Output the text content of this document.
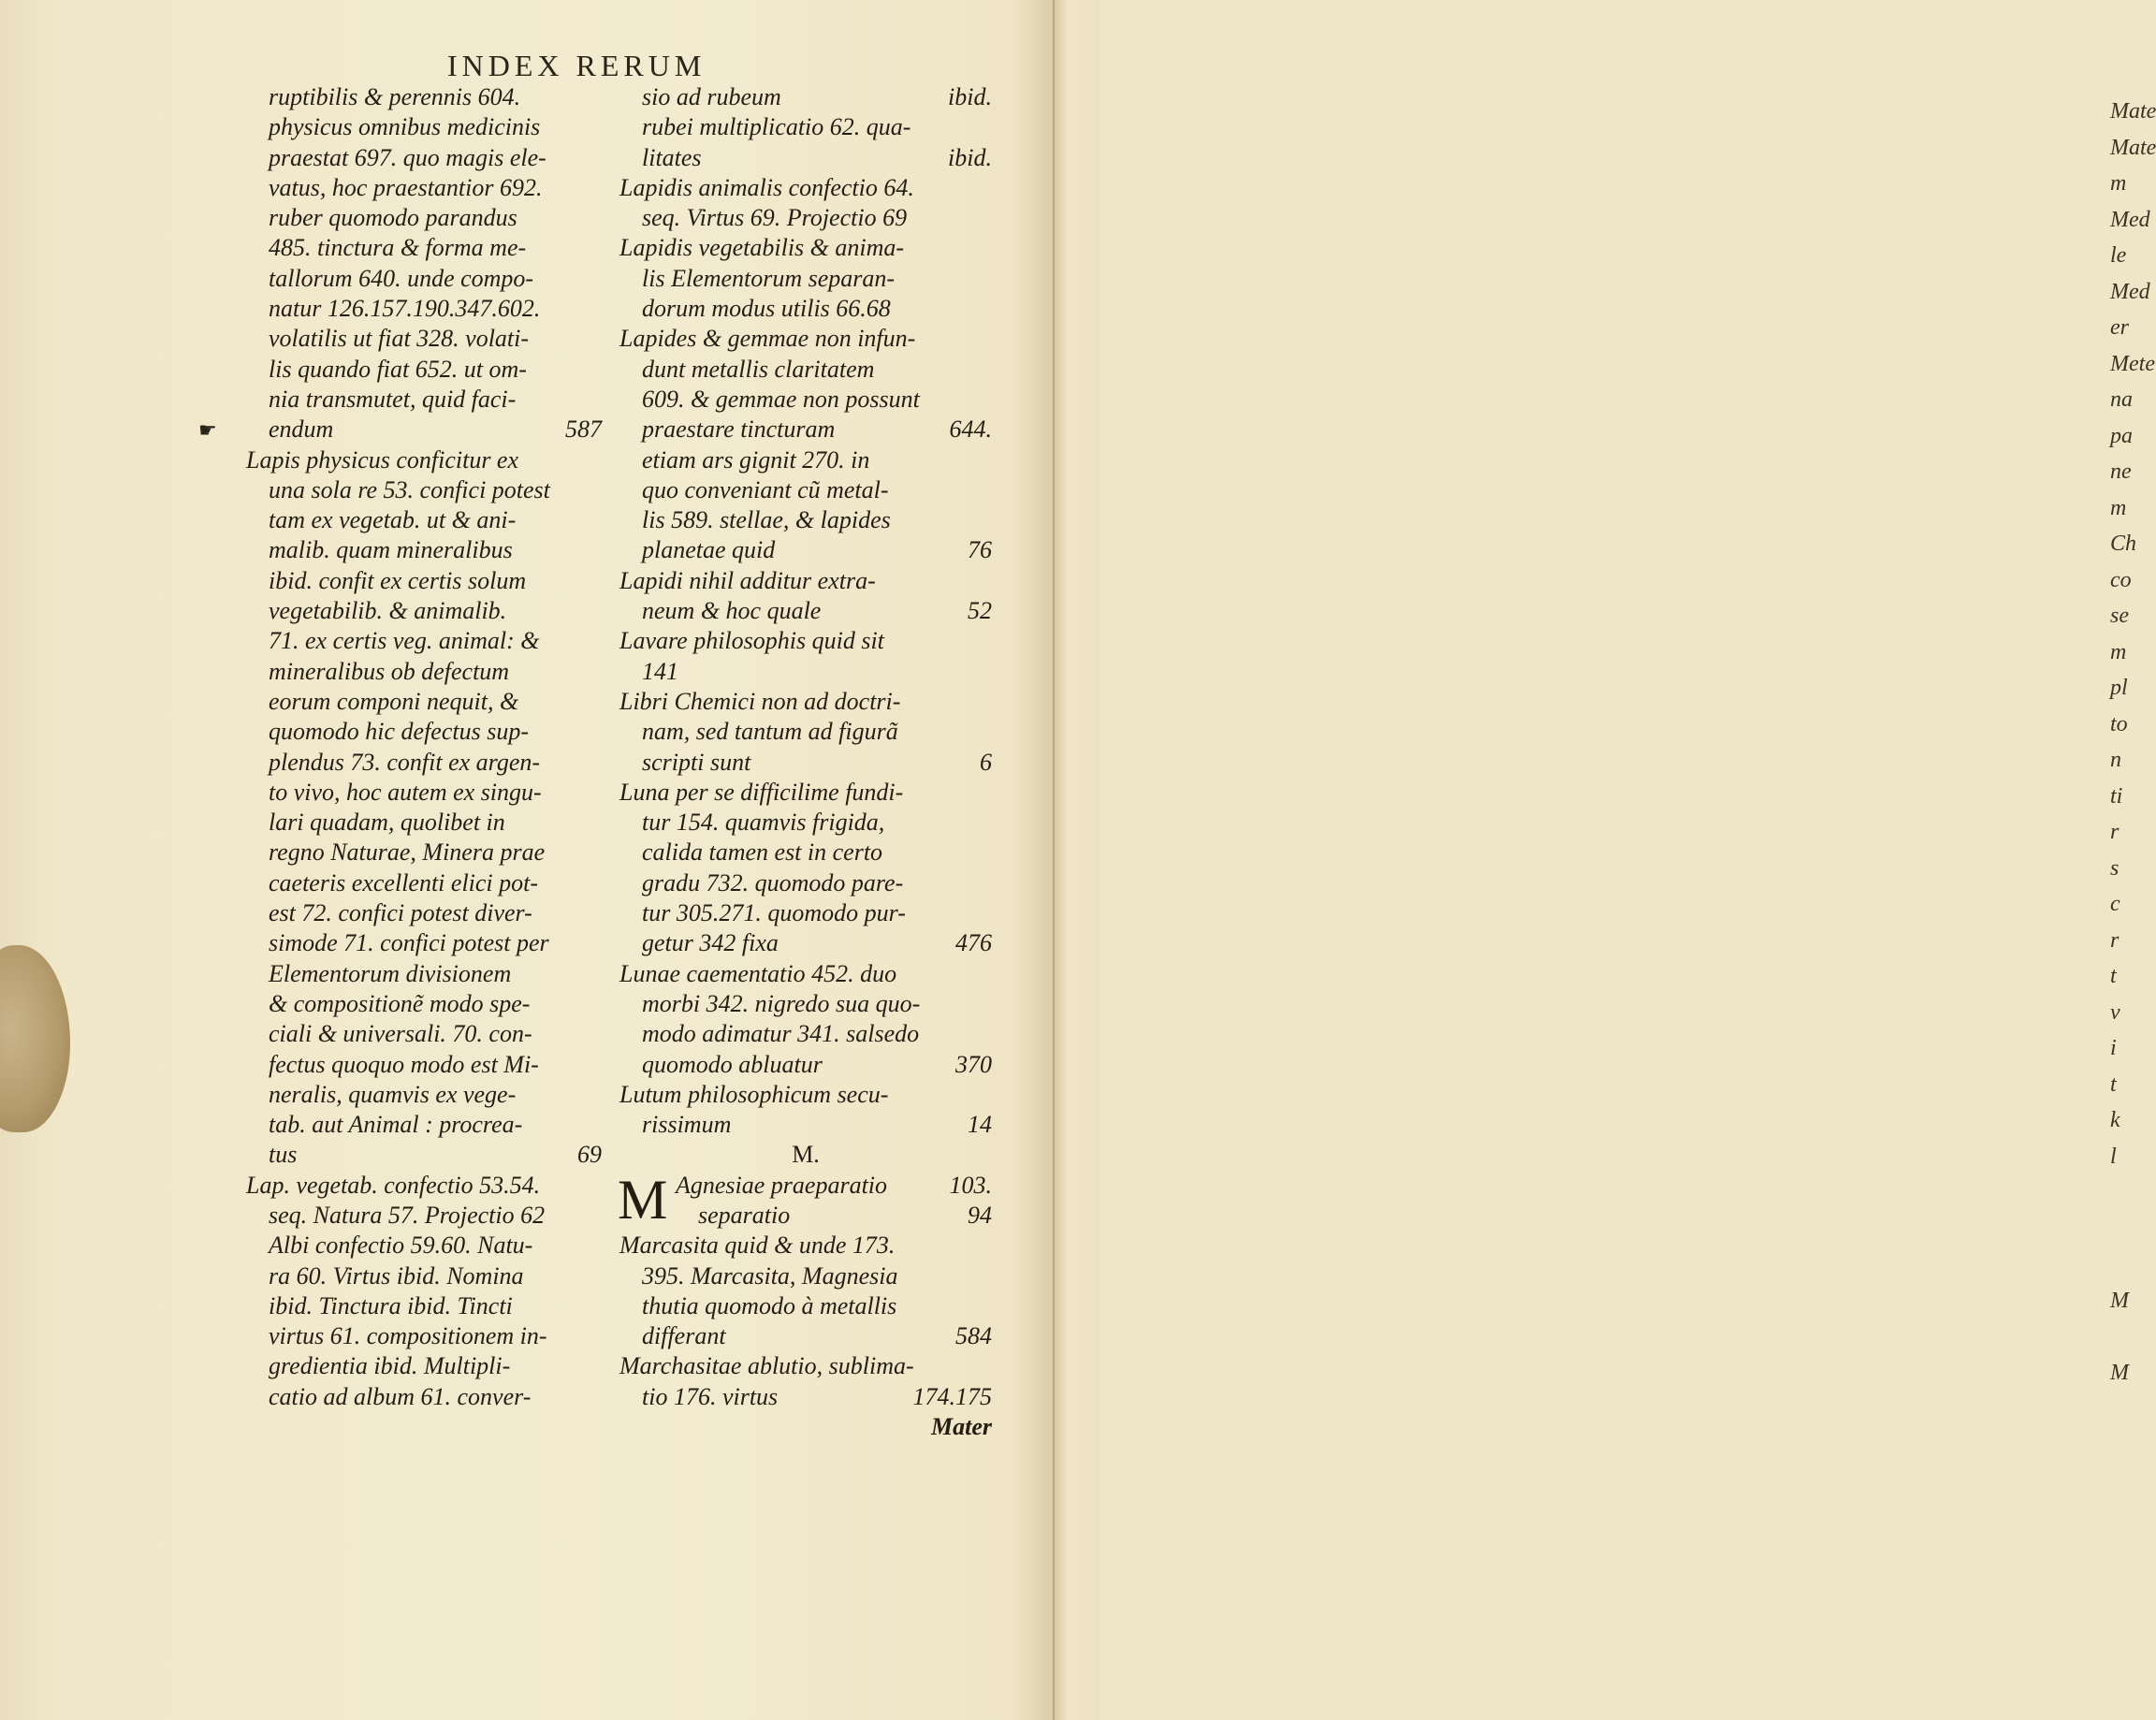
Mate
Mate
m
Med
le
Med
er
Mete
na
pa
ne
m
Ch
co
se
m
pl
to
n
ti
r
s
c
r
t
v
i
t
k
l
M
M
INDEX RERUM
☛
ruptibilis & perennis 604.
physicus omnibus medicinis
praestat 697. quo magis ele-
vatus, hoc praestantior 692.
ruber quomodo parandus
485. tinctura & forma me-
tallorum 640. unde compo-
natur 126.157.190.347.602.
volatilis ut fiat 328. volati-
lis quando fiat 652. ut om-
nia transmutet, quid faci-
endum	587
Lapis physicus conficitur ex
una sola re 53. confici potest
tam ex vegetab. ut & ani-
malib. quam mineralibus
ibid. confit ex certis solum
vegetabilib. & animalib.
71. ex certis veg. animal: &
mineralibus ob defectum
eorum componi nequit, &
quomodo hic defectus sup-
plendus 73. confit ex argen-
to vivo, hoc autem ex singu-
lari quadam, quolibet in
regno Naturae, Minera prae
caeteris excellenti elici pot-
est 72. confici potest diver-
simode 71. confici potest per
Elementorum divisionem
& compositionẽ modo spe-
ciali & universali. 70. con-
fectus quoquo modo est Mi-
neralis, quamvis ex vege-
tab. aut Animal : procrea-
tus	69
Lap. vegetab. confectio 53.54.
seq. Natura 57. Projectio 62
Albi confectio 59.60. Natu-
ra 60. Virtus ibid. Nomina
ibid. Tinctura ibid. Tincti
virtus 61. compositionem in-
gredientia ibid. Multipli-
catio ad album 61. conver-
sio ad rubeum	ibid.
rubei multiplicatio 62. qua-
litates	ibid.
Lapidis animalis confectio 64.
seq. Virtus 69. Projectio 69
Lapidis vegetabilis & anima-
lis Elementorum separan-
dorum modus utilis 66.68
Lapides & gemmae non infun-
dunt metallis claritatem
609. & gemmae non possunt
praestare tincturam	644.
etiam ars gignit 270. in
quo conveniant cũ metal-
lis 589. stellae, & lapides
planetae quid	76
Lapidi nihil additur extra-
neum & hoc quale	52
Lavare philosophis quid sit
141
Libri Chemici non ad doctri-
nam, sed tantum ad figurã
scripti sunt	6
Luna per se difficilime fundi-
tur 154. quamvis frigida,
calida tamen est in certo
gradu 732. quomodo pare-
tur 305.271. quomodo pur-
getur 342 fixa	476
Lunae caementatio 452. duo
morbi 342. nigredo sua quo-
modo adimatur 341. salsedo
quomodo abluatur	370
Lutum philosophicum secu-
rissimum	14
M.
M Agnesiae praeparatio	103.
separatio	94
Marcasita quid & unde 173.
395. Marcasita, Magnesia
thutia quomodo à metallis
differant	584
Marchasitae ablutio, sublima-
tio 176. virtus	174.175
Mater
